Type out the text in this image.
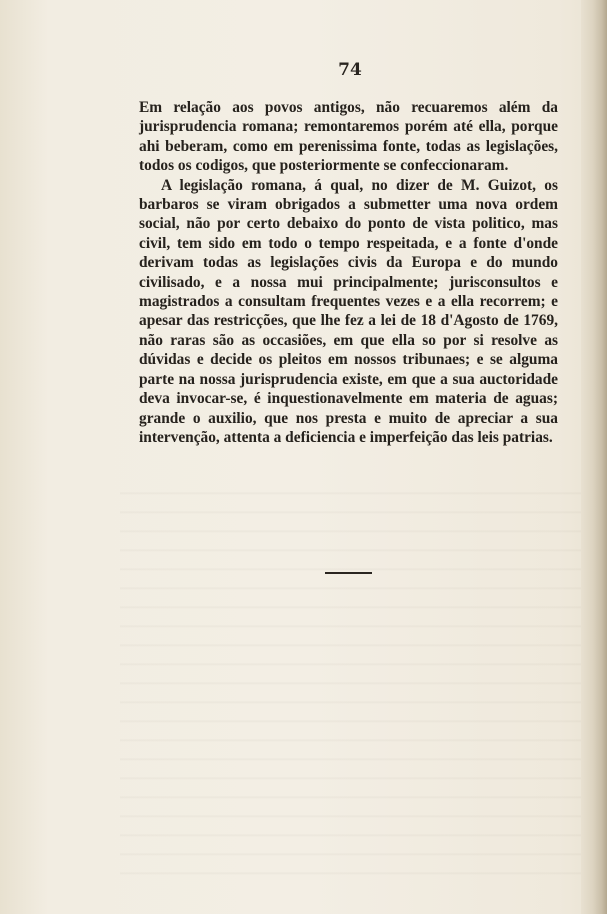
74

Em relação aos povos antigos, não recuaremos além da jurisprudencia romana; remontaremos porém até ella, porque ahi beberam, como em perenissima fonte, todas as legislações, todos os codigos, que posteriormente se confeccionaram.

A legislação romana, á qual, no dizer de M. Guizot, os barbaros se viram obrigados a submetter uma nova ordem social, não por certo debaixo do ponto de vista politico, mas civil, tem sido em todo o tempo respeitada, e a fonte d'onde derivam todas as legislações civis da Europa e do mundo civilisado, e a nossa mui principalmente; jurisconsultos e magistrados a consultam frequentes vezes e a ella recorrem; e apesar das restricções, que lhe fez a lei de 18 d'Agosto de 1769, não raras são as occasiões, em que ella so por si resolve as dúvidas e decide os pleitos em nossos tribunaes; e se alguma parte na nossa jurisprudencia existe, em que a sua auctoridade deva invocar-se, é inquestionavelmente em materia de aguas; grande o auxilio, que nos presta e muito de apreciar a sua intervenção, attenta a deficiencia e imperfeição das leis patrias.
